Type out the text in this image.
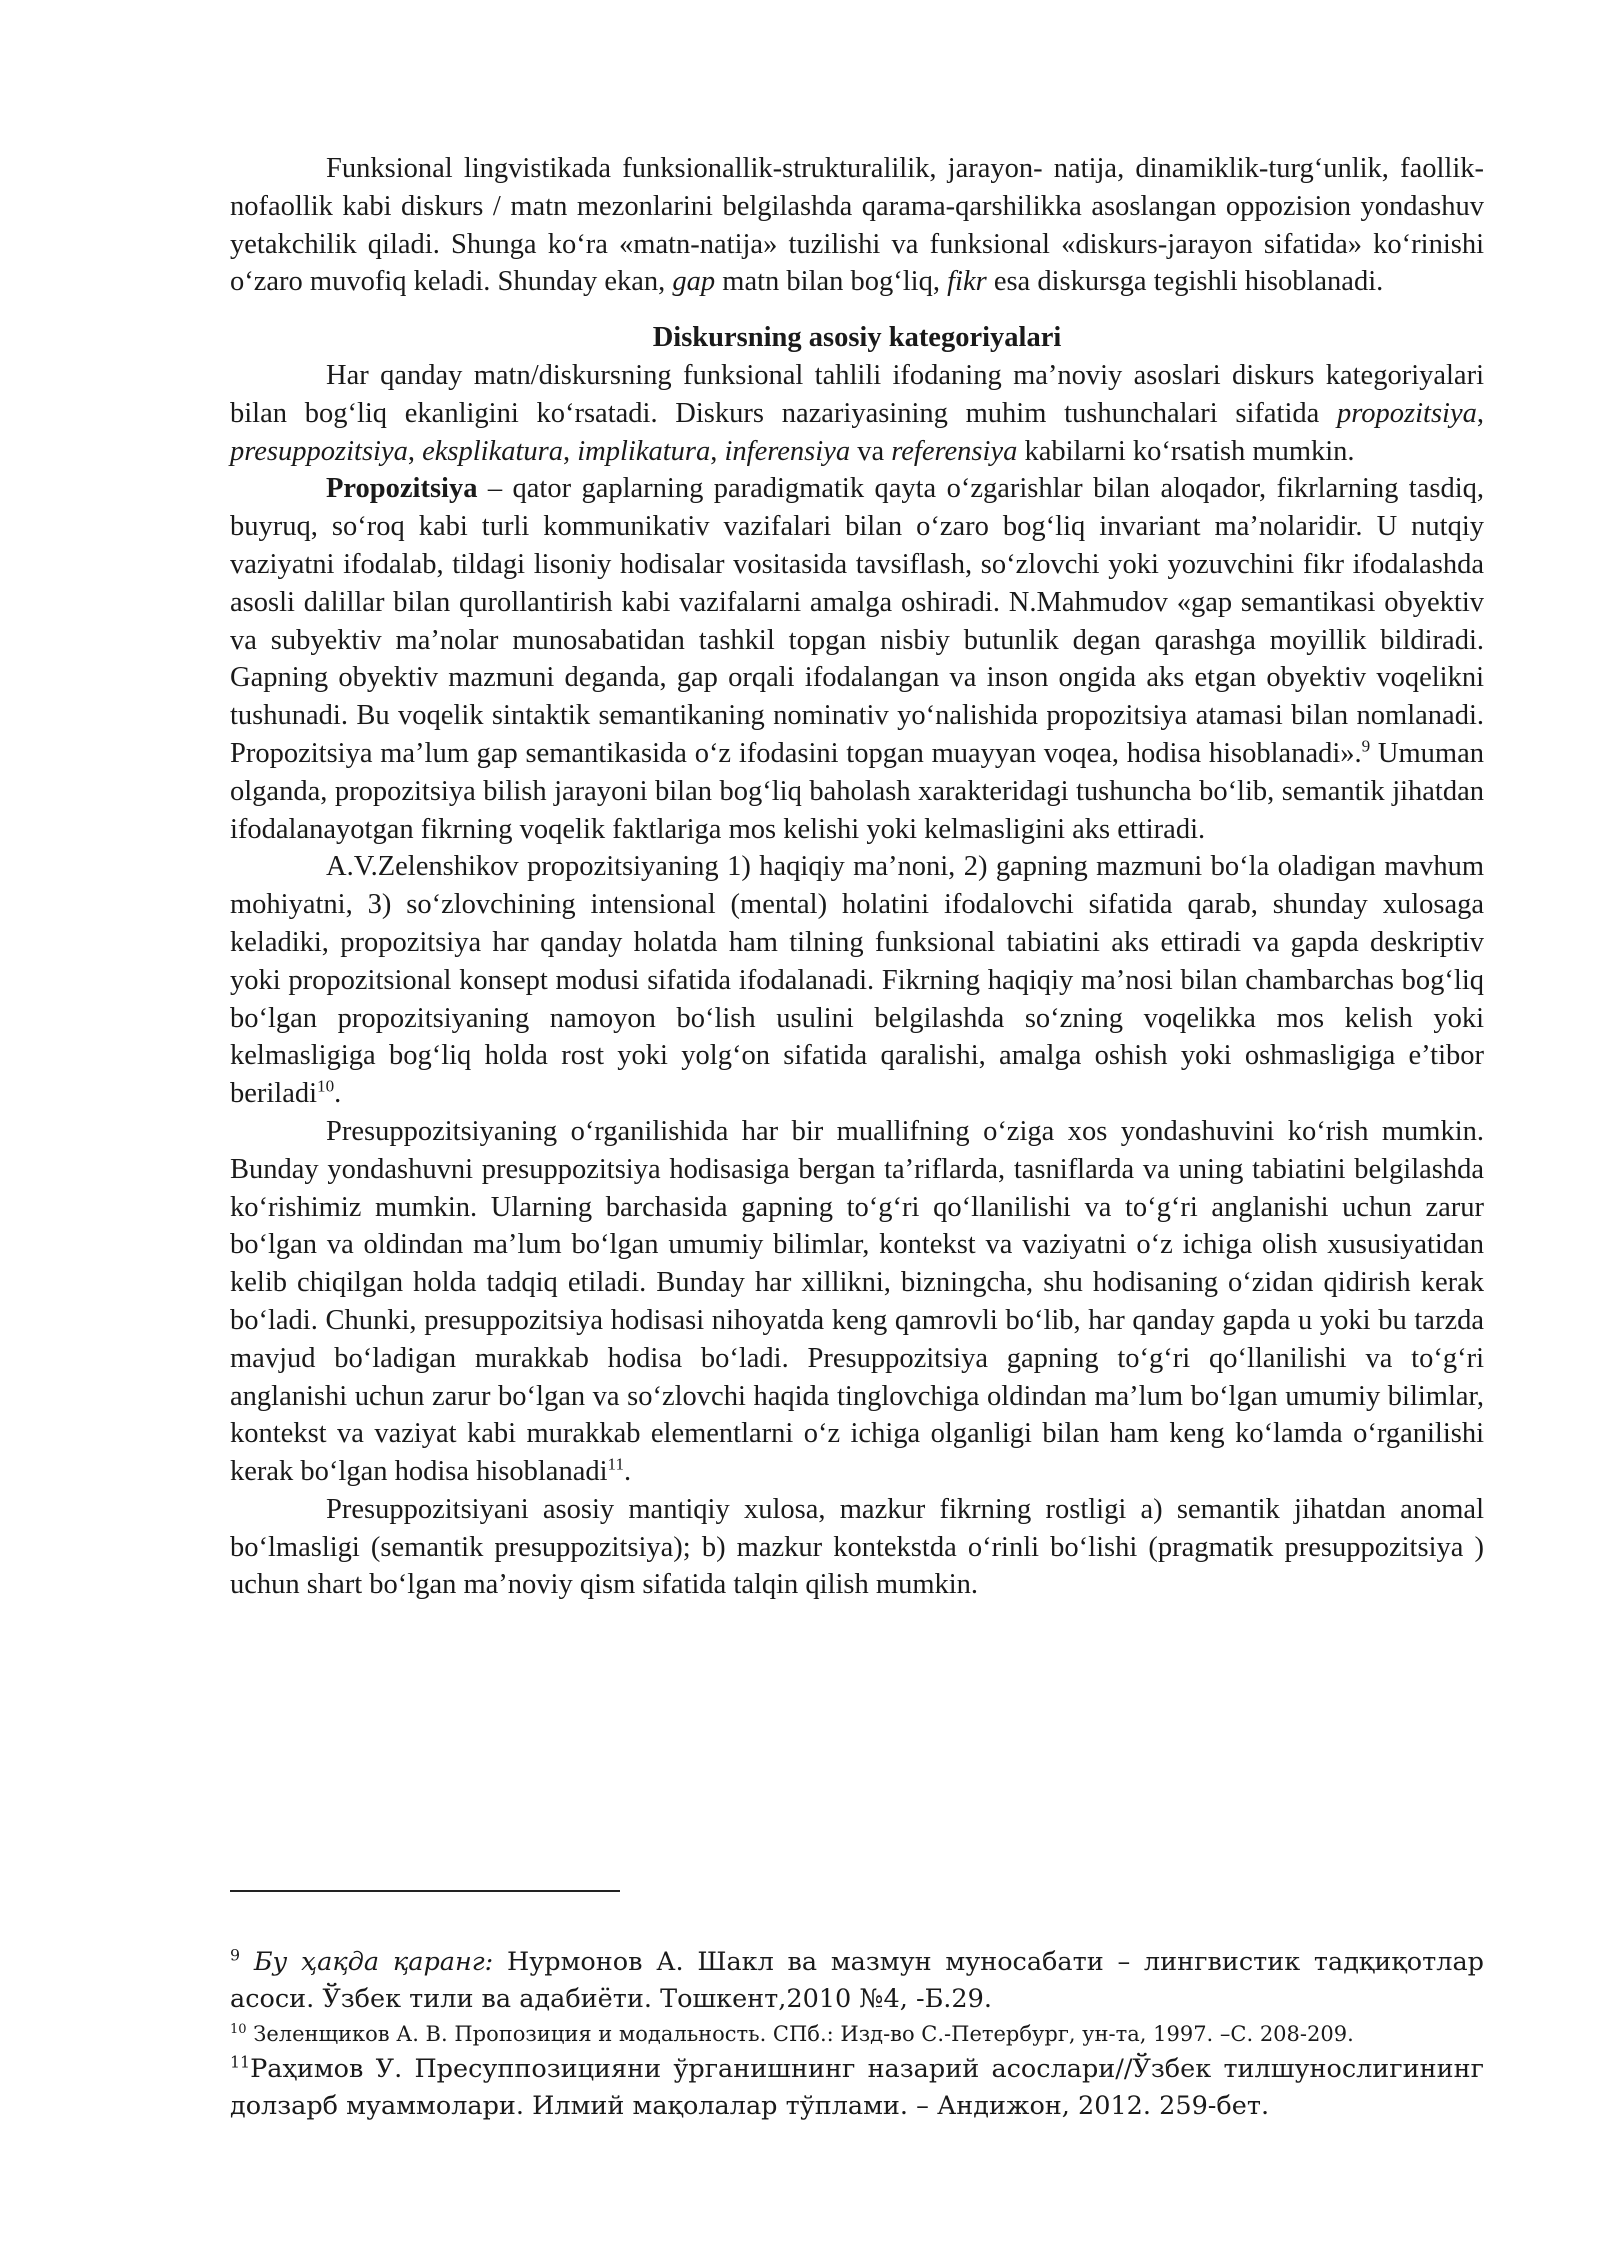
Funksional lingvistikada funksionallik-strukturalilik, jarayon- natija, dinamiklik-turg‘unlik, faollik- nofaollik kabi diskurs / matn mezonlarini belgilashda qarama-qarshilikka asoslangan oppozision yondashuv yetakchilik qiladi. Shunga ko‘ra «matn-natija» tuzilishi va funksional «diskurs-jarayon sifatida» ko‘rinishi o‘zaro muvofiq keladi. Shunday ekan, gap matn bilan bog‘liq, fikr esa diskursga tegishli hisoblanadi.

Diskursning asosiy kategoriyalari

Har qanday matn/diskursning funksional tahlili ifodaning ma’noviy asoslari diskurs kategoriyalari bilan bog‘liq ekanligini ko‘rsatadi. Diskurs nazariyasining muhim tushunchalari sifatida propozitsiya, presuppozitsiya, eksplikatura, implikatura, inferensiya va referensiya kabilarni ko‘rsatish mumkin.

Propozitsiya – qator gaplarning paradigmatik qayta o‘zgarishlar bilan aloqador, fikrlarning tasdiq, buyruq, so‘roq kabi turli kommunikativ vazifalari bilan o‘zaro bog‘liq invariant ma’nolaridir. U nutqiy vaziyatni ifodalab, tildagi lisoniy hodisalar vositasida tavsiflash, so‘zlovchi yoki yozuvchini fikr ifodalashda asosli dalillar bilan qurollantirish kabi vazifalarni amalga oshiradi. N.Mahmudov «gap semantikasi obyektiv va subyektiv ma’nolar munosabatidan tashkil topgan nisbiy butunlik degan qarashga moyillik bildiradi. Gapning obyektiv mazmuni deganda, gap orqali ifodalangan va inson ongida aks etgan obyektiv voqelikni tushunadi. Bu voqelik sintaktik semantikaning nominativ yo‘nalishida propozitsiya atamasi bilan nomlanadi. Propozitsiya ma’lum gap semantikasida o‘z ifodasini topgan muayyan voqea, hodisa hisoblanadi».$^9$ Umuman olganda, propozitsiya bilish jarayoni bilan bog‘liq baholash xarakteridagi tushuncha bo‘lib, semantik jihatdan ifodalanayotgan fikrning voqelik faktlariga mos kelishi yoki kelmasligini aks ettiradi.

A.V.Zelenshikov propozitsiyaning 1) haqiqiy ma’noni, 2) gapning mazmuni bo‘la oladigan mavhum mohiyatni, 3) so‘zlovchining intensional (mental) holatini ifodalovchi sifatida qarab, shunday xulosaga keladiki, propozitsiya har qanday holatda ham tilning funksional tabiatini aks ettiradi va gapda deskriptiv yoki propozitsional konsept modusi sifatida ifodalanadi. Fikrning haqiqiy ma’nosi bilan chambarchas bog‘liq bo‘lgan propozitsiyaning namoyon bo‘lish usulini belgilashda so‘zning voqelikka mos kelish yoki kelmasligiga bog‘liq holda rost yoki yolg‘on sifatida qaralishi, amalga oshish yoki oshmasligiga e’tibor beriladi$^{10}$.

Presuppozitsiyaning o‘rganilishida har bir muallifning o‘ziga xos yondashuvini ko‘rish mumkin. Bunday yondashuvni presuppozitsiya hodisasiga bergan ta’riflarda, tasniflarda va uning tabiatini belgilashda ko‘rishimiz mumkin. Ularning barchasida gapning to‘g‘ri qo‘llanilishi va to‘g‘ri anglanishi uchun zarur bo‘lgan va oldindan ma’lum bo‘lgan umumiy bilimlar, kontekst va vaziyatni o‘z ichiga olish xususiyatidan kelib chiqilgan holda tadqiq etiladi. Bunday har xillikni, bizningcha, shu hodisaning o‘zidan qidirish kerak bo‘ladi. Chunki, presuppozitsiya hodisasi nihoyatda keng qamrovli bo‘lib, har qanday gapda u yoki bu tarzda mavjud bo‘ladigan murakkab hodisa bo‘ladi. Presuppozitsiya gapning to‘g‘ri qo‘llanilishi va to‘g‘ri anglanishi uchun zarur bo‘lgan va so‘zlovchi haqida tinglovchiga oldindan ma’lum bo‘lgan umumiy bilimlar, kontekst va vaziyat kabi murakkab elementlarni o‘z ichiga olganligi bilan ham keng ko‘lamda o‘rganilishi kerak bo‘lgan hodisa hisoblanadi$^{11}$.

Presuppozitsiyani asosiy mantiqiy xulosa, mazkur fikrning rostligi a) semantik jihatdan anomal bo‘lmasligi (semantik presuppozitsiya); b) mazkur kontekstda o‘rinli bo‘lishi (pragmatik presuppozitsiya ) uchun shart bo‘lgan ma’noviy qism sifatida talqin qilish mumkin.

$^9$ Бу ҳақда қаранг: Нурмонов А. Шакл ва мазмун муносабати – лингвистик тадқиқотлар асоси. Ўзбек тили ва адабиёти. Тошкент,2010 №4, -Б.29.

$^{10}$ Зеленщиков А. В. Пропозиция и модальность. СПб.: Изд-во С.-Петербург, ун-та, 1997. –С. 208-209.

$^{11}$Раҳимов У. Пресуппозицияни ўрганишнинг назарий асослари//Ўзбек тилшунослигининг долзарб муаммолари. Илмий мақолалар тўплами. – Андижон, 2012. 259-бет.
